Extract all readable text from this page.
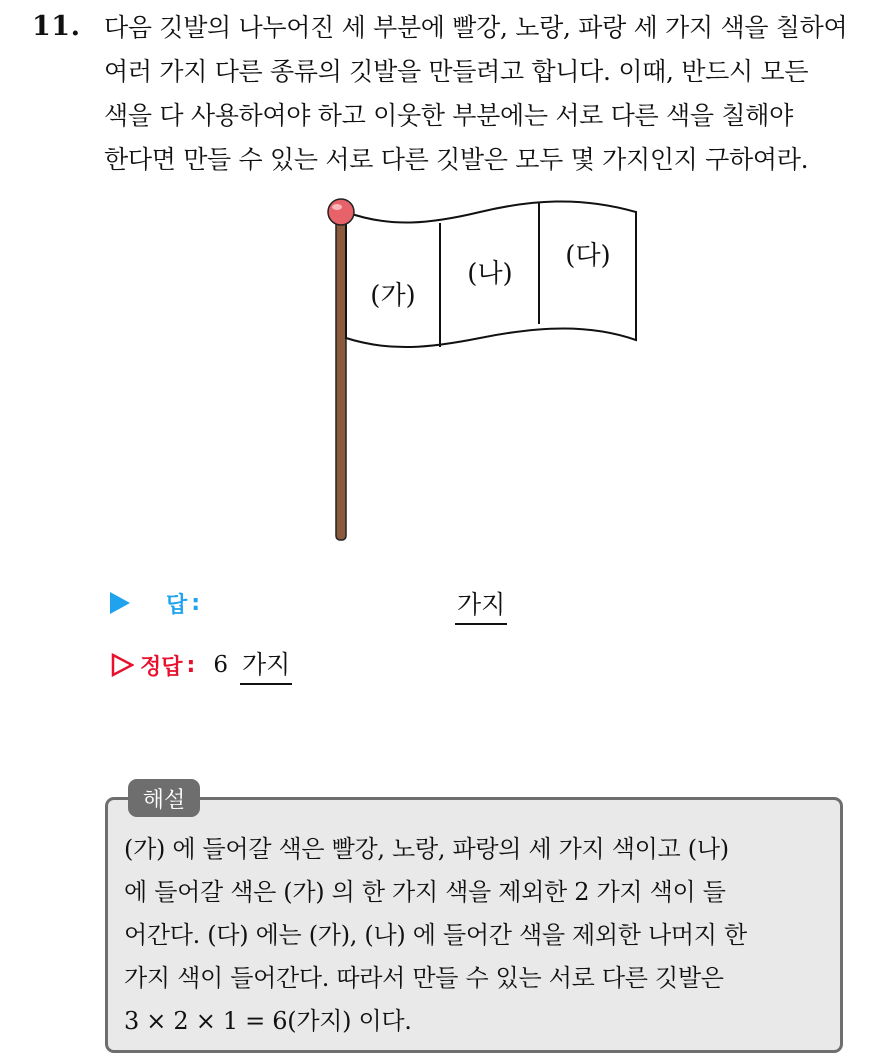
11. 다음 깃발의 나누어진 세 부분에 빨강, 노랑, 파랑 세 가지 색을 칠하여
여러 가지 다른 종류의 깃발을 만들려고 합니다. 이때, 반드시 모든
색을 다 사용하여야 하고 이웃한 부분에는 서로 다른 색을 칠해야
한다면 만들 수 있는 서로 다른 깃발은 모두 몇 가지인지 구하여라.

(가)
(나)
(다)
답 :	가지
정답 : 6 가지
해설

(가) 에 들어갈 색은 빨강, 노랑, 파랑의 세 가지 색이고 (나)
에 들어갈 색은 (가) 의 한 가지 색을 제외한 2 가지 색이 들
어간다. (다) 에는 (가), (나) 에 들어간 색을 제외한 나머지 한
가지 색이 들어간다. 따라서 만들 수 있는 서로 다른 깃발은
3 × 2 × 1 = 6(가지) 이다.
